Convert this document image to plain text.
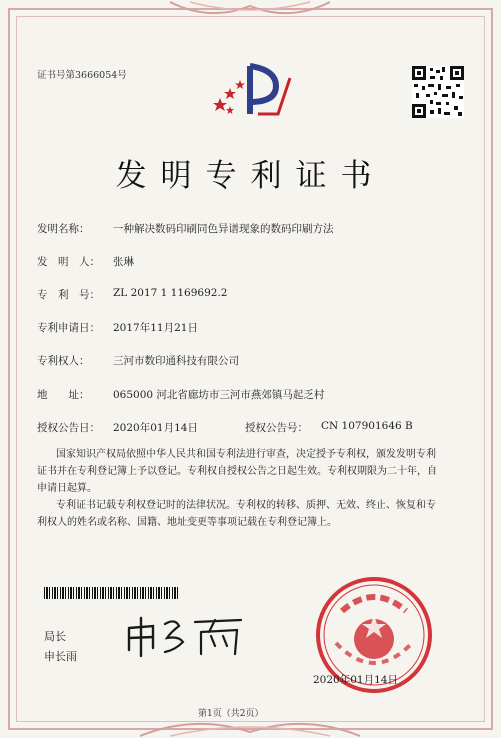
证书号第3666054号
发明专利证书
发明名称： 一种解决数码印刷同色异谱现象的数码印刷方法
发　明　人： 张琳
专　利　号： ZL 2017 1 1169692.2
专利申请日： 2017年11月21日
专利权人： 三河市数印通科技有限公司
地　　址： 065000 河北省廊坊市三河市燕郊镇马起乏村
授权公告日： 2020年01月14日	授权公告号： CN 107901646 B
国家知识产权局依照中华人民共和国专利法进行审查，决定授予专利权，颁发发明专利
证书并在专利登记簿上予以登记。专利权自授权公告之日起生效。专利权期限为二十年，自
申请日起算。
专利证书记载专利权登记时的法律状况。专利权的转移、质押、无效、终止、恢复和专
利权人的姓名或名称、国籍、地址变更等事项记载在专利登记簿上。
局长
申长雨
2020年01月14日
第1页（共2页）
